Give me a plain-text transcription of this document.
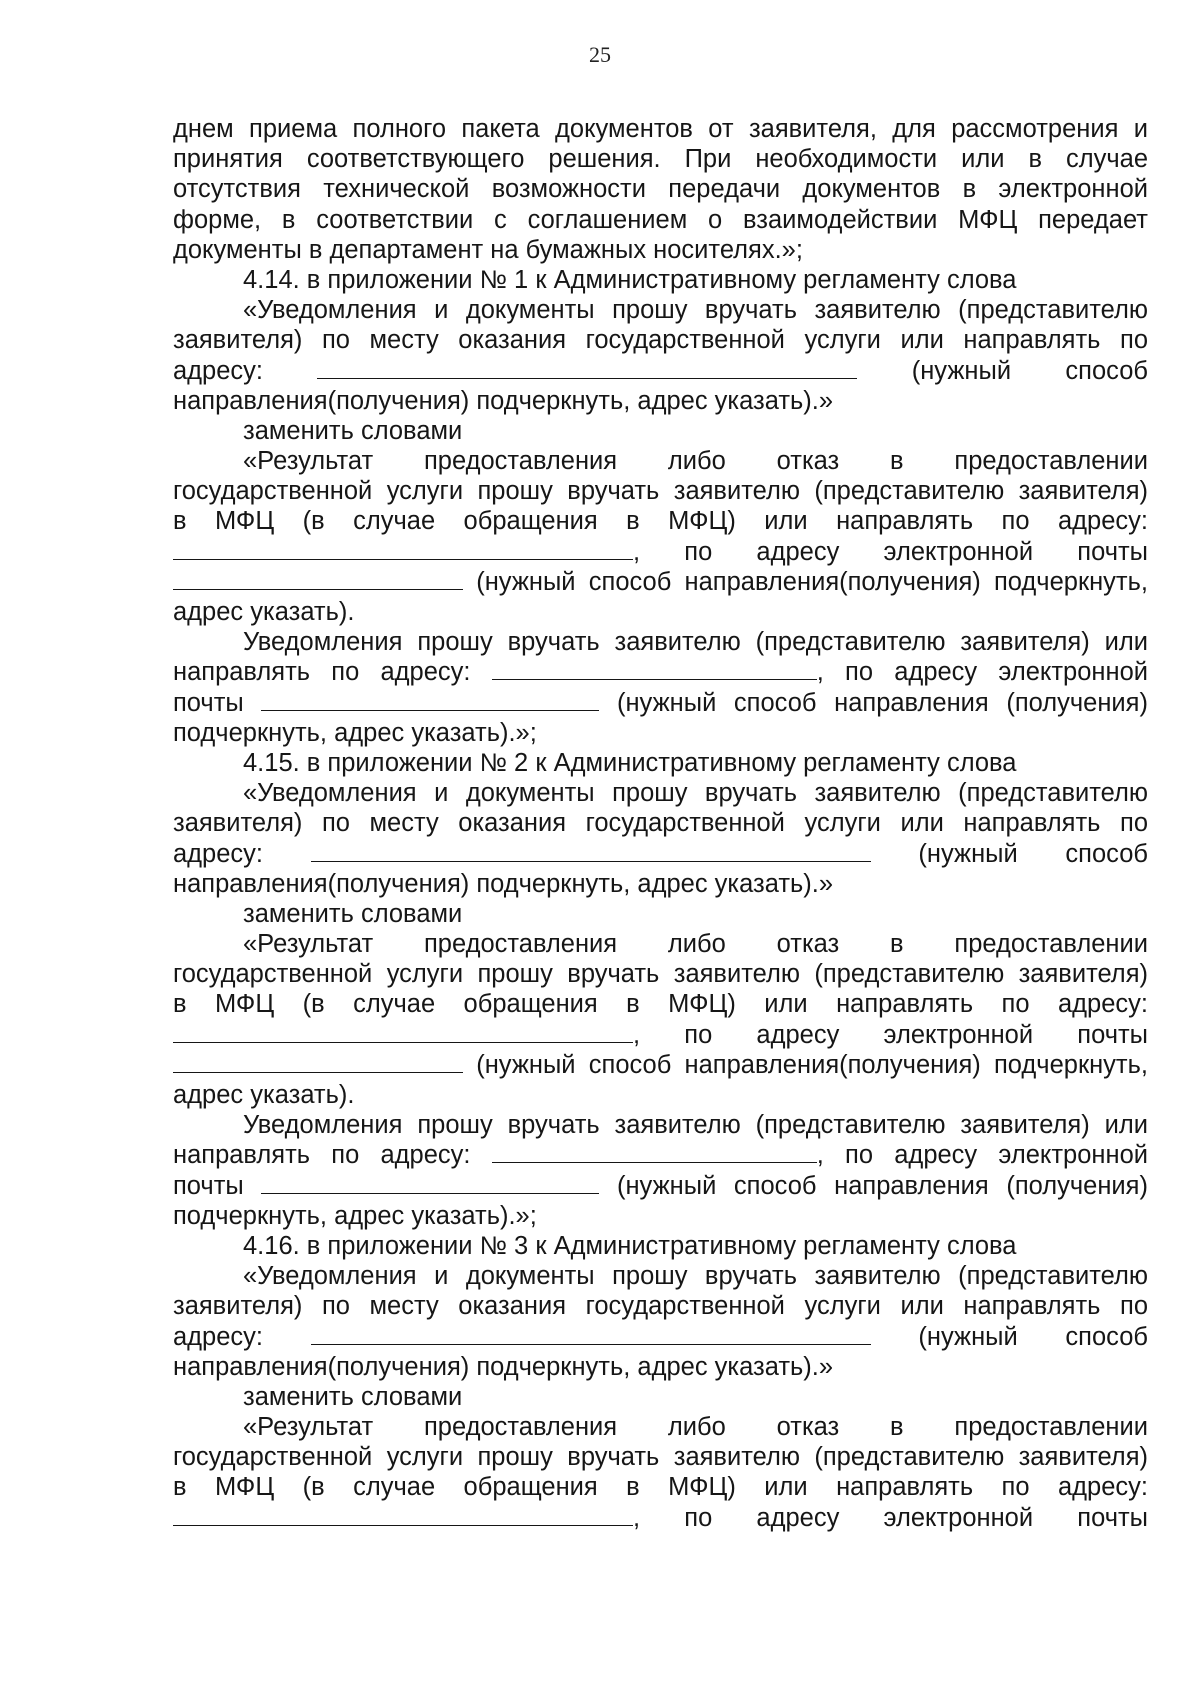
25
днем приема полного пакета документов от заявителя, для рассмотрения и
принятия соответствующего решения. При необходимости или в случае
отсутствия технической возможности передачи документов в электронной
форме, в соответствии с соглашением о взаимодействии МФЦ передает
документы в департамент на бумажных носителях.»;
4.14. в приложении № 1 к Административному регламенту слова
«Уведомления и документы прошу вручать заявителю (представителю
заявителя) по месту оказания государственной услуги или направлять по
адресу:	(нужный способ
направления(получения) подчеркнуть, адрес указать).»
заменить словами
«Результат предоставления либо отказ в предоставлении
государственной услуги прошу вручать заявителю (представителю заявителя)
в МФЦ (в случае обращения в МФЦ) или направлять по адресу:
, по адресу электронной почты
(нужный способ направления(получения) подчеркнуть,
адрес указать).
Уведомления прошу вручать заявителю (представителю заявителя) или
направлять по адресу:	, по адресу электронной
почты	(нужный способ направления (получения)
подчеркнуть, адрес указать).»;
4.15. в приложении № 2 к Административному регламенту слова
«Уведомления и документы прошу вручать заявителю (представителю
заявителя) по месту оказания государственной услуги или направлять по
адресу:	(нужный способ
направления(получения) подчеркнуть, адрес указать).»
заменить словами
«Результат предоставления либо отказ в предоставлении
государственной услуги прошу вручать заявителю (представителю заявителя)
в МФЦ (в случае обращения в МФЦ) или направлять по адресу:
, по адресу электронной почты
(нужный способ направления(получения) подчеркнуть,
адрес указать).
Уведомления прошу вручать заявителю (представителю заявителя) или
направлять по адресу:	, по адресу электронной
почты	(нужный способ направления (получения)
подчеркнуть, адрес указать).»;
4.16. в приложении № 3 к Административному регламенту слова
«Уведомления и документы прошу вручать заявителю (представителю
заявителя) по месту оказания государственной услуги или направлять по
адресу:	(нужный способ
направления(получения) подчеркнуть, адрес указать).»
заменить словами
«Результат предоставления либо отказ в предоставлении
государственной услуги прошу вручать заявителю (представителю заявителя)
в МФЦ (в случае обращения в МФЦ) или направлять по адресу:
, по адресу электронной почты
